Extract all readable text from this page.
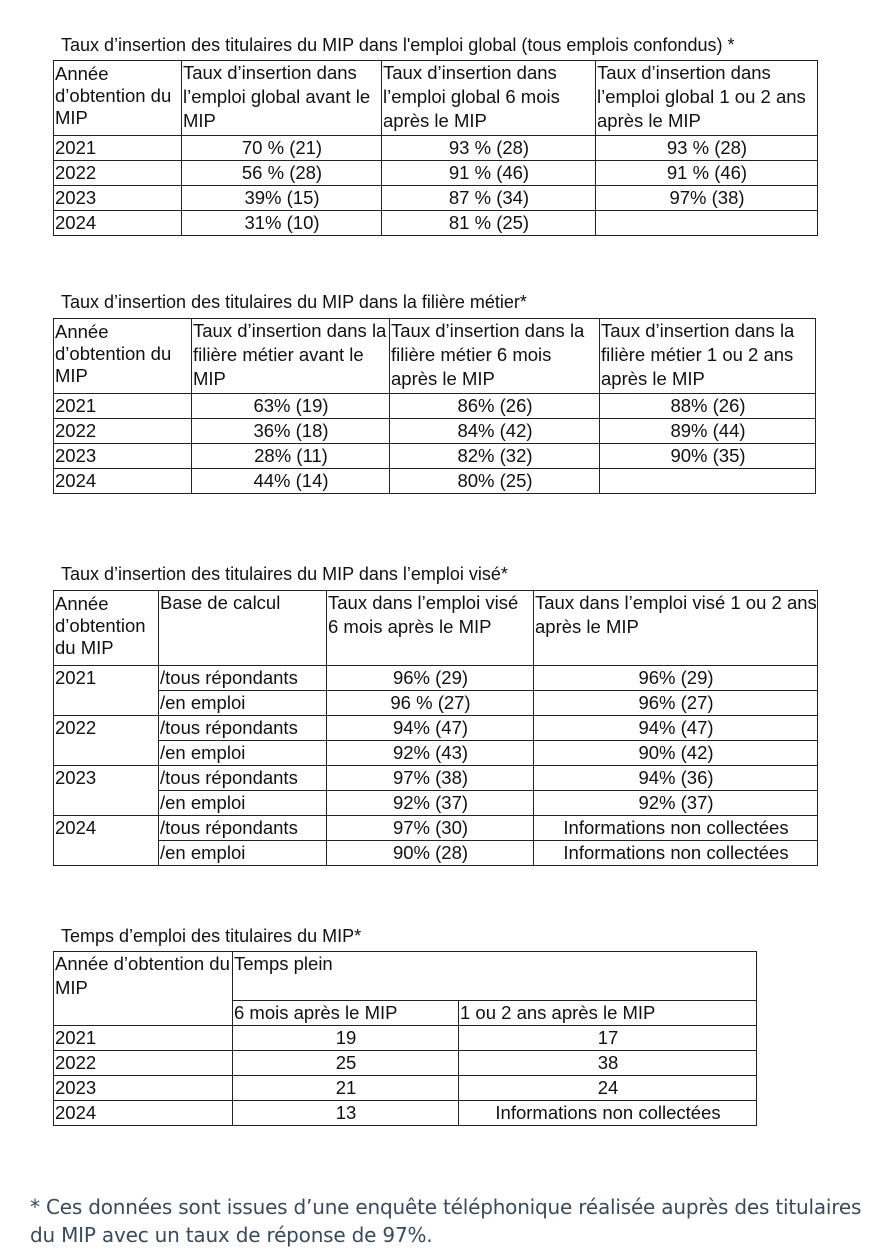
Taux d’insertion des titulaires du MIP dans l'emploi global (tous emplois confondus) *
Année d’obtention du MIP	Taux d’insertion dans l’emploi global avant le MIP	Taux d’insertion dans l’emploi global 6 mois après le MIP	Taux d’insertion dans l’emploi global 1 ou 2 ans après le MIP
2021	70 % (21)	93 % (28)	93 % (28)
2022	56 % (28)	91 % (46)	91 % (46)
2023	39% (15)	87 % (34)	97% (38)
2024	31% (10)	81 % (25)	
Taux d’insertion des titulaires du MIP dans la filière métier*
Année d’obtention du MIP	Taux d’insertion dans la filière métier avant le MIP	Taux d’insertion dans la filière métier 6 mois après le MIP	Taux d’insertion dans la filière métier 1 ou 2 ans après le MIP
2021	63% (19)	86% (26)	88% (26)
2022	36% (18)	84% (42)	89% (44)
2023	28% (11)	82% (32)	90% (35)
2024	44% (14)	80% (25)	
Taux d’insertion des titulaires du MIP dans l’emploi visé*
Année d’obtention du MIP	Base de calcul	Taux dans l’emploi visé 6 mois après le MIP	Taux dans l’emploi visé 1 ou 2 ans après le MIP
2021	/tous répondants	96% (29)	96% (29)
	/en emploi	96 % (27)	96% (27)
2022	/tous répondants	94% (47)	94% (47)
	/en emploi	92% (43)	90% (42)
2023	/tous répondants	97% (38)	94% (36)
	/en emploi	92% (37)	92% (37)
2024	/tous répondants	97% (30)	Informations non collectées
	/en emploi	90% (28)	Informations non collectées
Temps d’emploi des titulaires du MIP*
Année d’obtention du MIP	Temps plein	
	6 mois après le MIP	1 ou 2 ans après le MIP
2021	19	17
2022	25	38
2023	21	24
2024	13	Informations non collectées
* Ces données sont issues d’une enquête téléphonique réalisée auprès des titulaires du MIP avec un taux de réponse de 97%.
